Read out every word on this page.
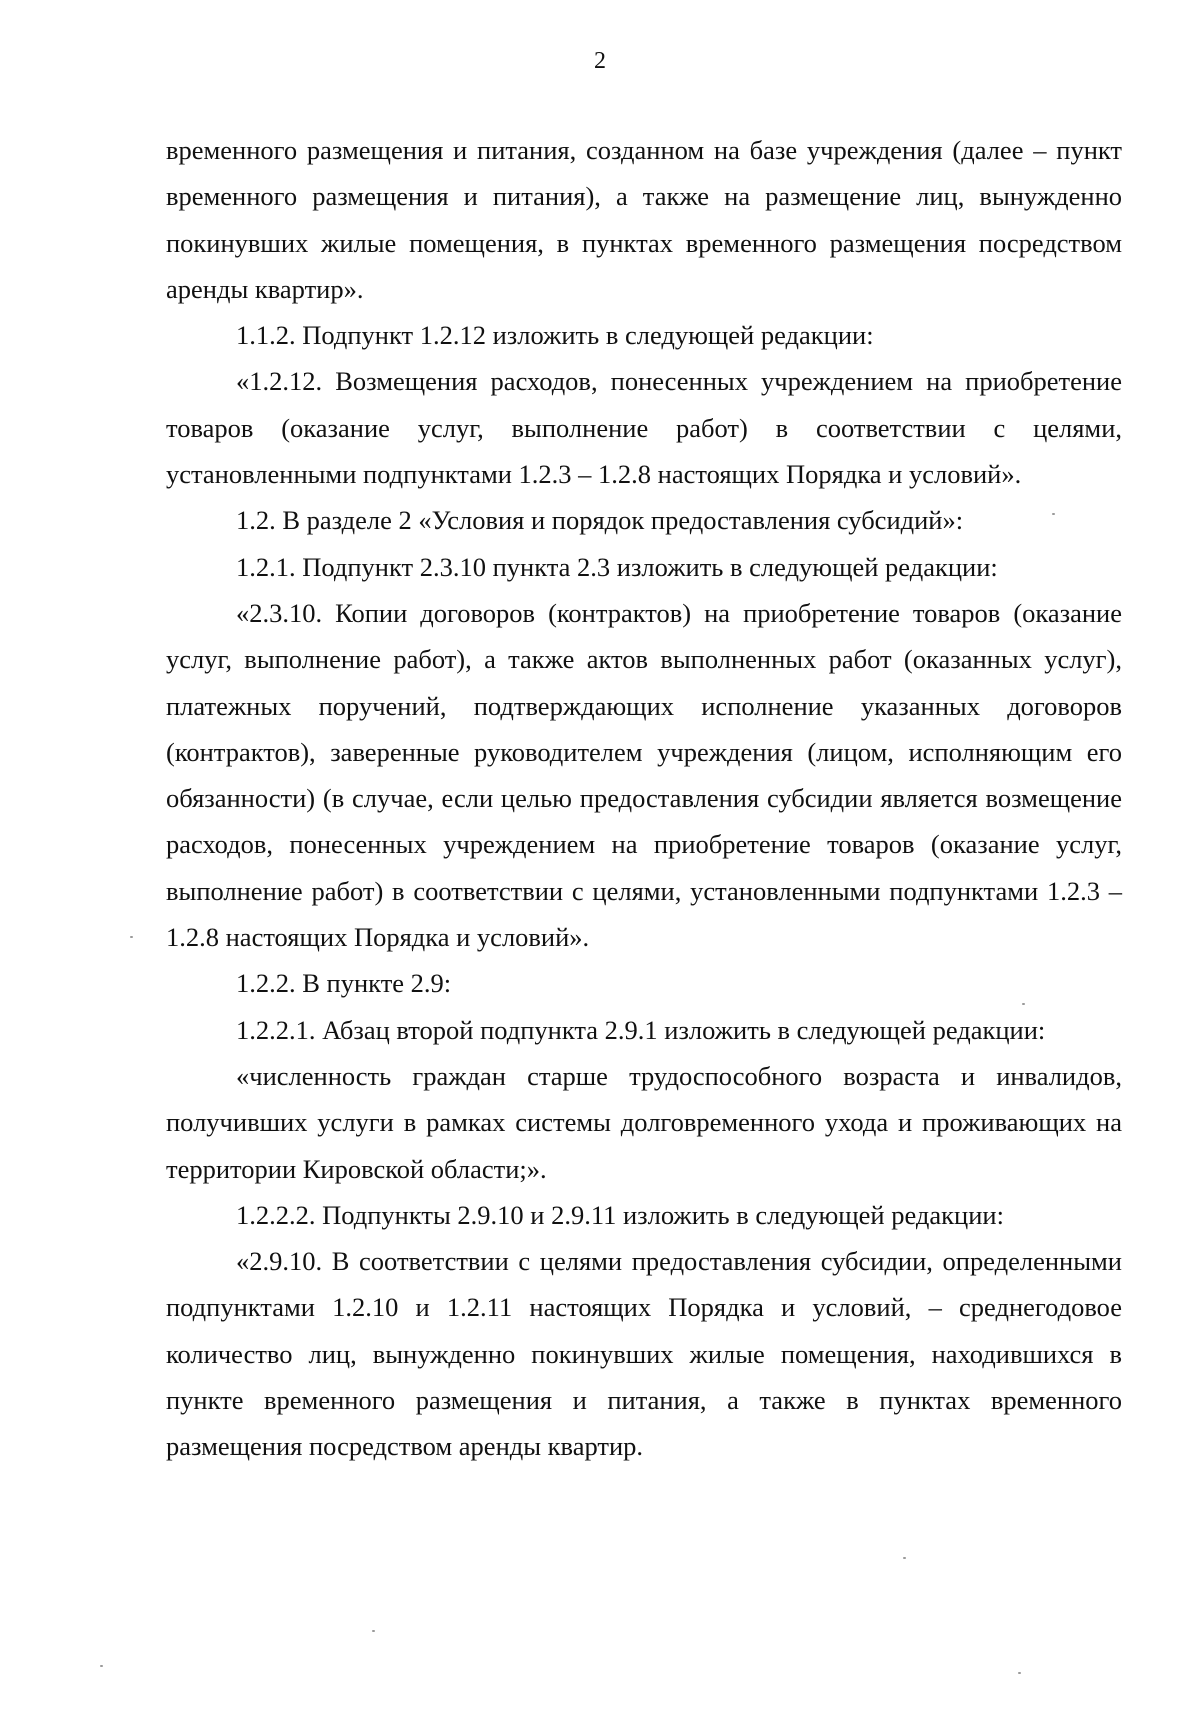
2

временного размещения и питания, созданном на базе учреждения (далее – пункт временного размещения и питания), а также на размещение лиц, вынужденно покинувших жилые помещения, в пунктах временного размещения посредством аренды квартир».

1.1.2. Подпункт 1.2.12 изложить в следующей редакции:

«1.2.12. Возмещения расходов, понесенных учреждением на приобретение товаров (оказание услуг, выполнение работ) в соответствии с целями, установленными подпунктами 1.2.3 – 1.2.8 настоящих Порядка и условий».

1.2. В разделе 2 «Условия и порядок предоставления субсидий»:

1.2.1. Подпункт 2.3.10 пункта 2.3 изложить в следующей редакции:

«2.3.10. Копии договоров (контрактов) на приобретение товаров (оказание услуг, выполнение работ), а также актов выполненных работ (оказанных услуг), платежных поручений, подтверждающих исполнение указанных договоров (контрактов), заверенные руководителем учреждения (лицом, исполняющим его обязанности) (в случае, если целью предоставления субсидии является возмещение расходов, понесенных учреждением на приобретение товаров (оказание услуг, выполнение работ) в соответствии с целями, установленными подпунктами 1.2.3 – 1.2.8 настоящих Порядка и условий».

1.2.2. В пункте 2.9:

1.2.2.1. Абзац второй подпункта 2.9.1 изложить в следующей редакции:

«численность граждан старше трудоспособного возраста и инвалидов, получивших услуги в рамках системы долговременного ухода и проживающих на территории Кировской области;».

1.2.2.2. Подпункты 2.9.10 и 2.9.11 изложить в следующей редакции:

«2.9.10. В соответствии с целями предоставления субсидии, определенными подпунктами 1.2.10 и 1.2.11 настоящих Порядка и условий, – среднегодовое количество лиц, вынужденно покинувших жилые помещения, находившихся в пункте временного размещения и питания, а также в пунктах временного размещения посредством аренды квартир.
